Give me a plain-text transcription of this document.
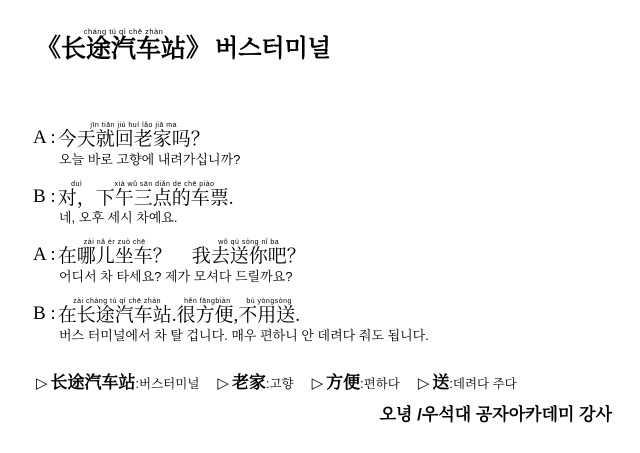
《
cháng tú qì chē zhàn
长途汽车站 》 버스터미널
A :
jīn tiān jiù huí lǎo jiā ma
今天就回老家吗？
오늘 바로 고향에 내려가십니까?
B :
duì
对，
xià wǔ sān diǎn de chē piào
下午三点的车票.
네, 오후 세시 차예요.
A :
zài nǎ ér zuò chē
在哪儿坐车？
wǒ qù sòng nǐ ba
我去送你吧？
어디서 차 타세요? 제가 모셔다 드릴까요?
B :
zài cháng tú qì chē zhàn
在长途汽车站.
hěn fāngbiàn
很方便,
bù yòngsòng
不用送.
버스 터미널에서 차 탈 겁니다. 매우 편하니 안 데려다 줘도 됩니다.
▷ 长途汽车站 : 버스터미널 ▷ 老家 : 고향 ▷ 方便 : 편하다 ▷ 送 : 데려다 주다
오녕 /우석대 공자아카데미 강사
